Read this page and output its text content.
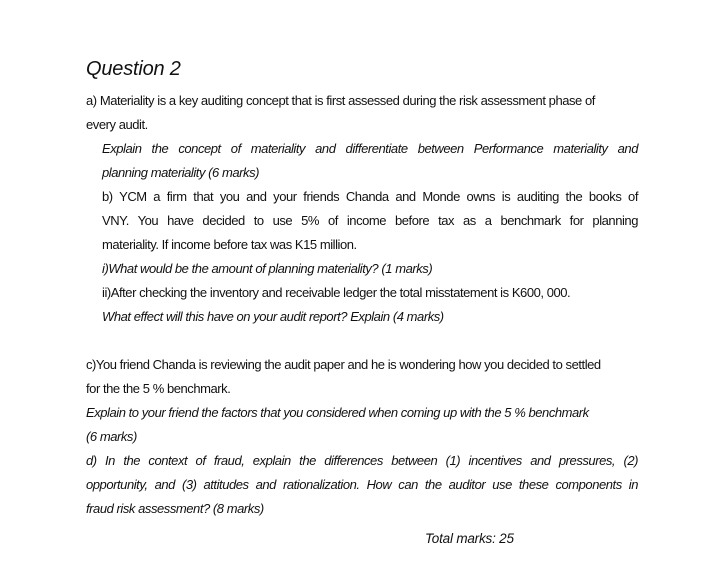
Question 2
a) Materiality is a key auditing concept that is first assessed during the risk assessment phase of
every audit.
Explain the concept of materiality and differentiate between Performance materiality and
planning materiality (6 marks)
b) YCM a firm that you and your friends Chanda and Monde owns is auditing the books of
VNY. You have decided to use 5% of income before tax as a benchmark for planning
materiality. If income before tax was K15 million.
i)What would be the amount of planning materiality? (1 marks)
ii)After checking the inventory and receivable ledger the total misstatement is K600, 000.
What effect will this have on your audit report? Explain (4 marks)
c)You friend Chanda is reviewing the audit paper and he is wondering how you decided to settled
for the the 5 % benchmark.
Explain to your friend the factors that you considered when coming up with the 5 % benchmark
(6 marks)
d) In the context of fraud, explain the differences between (1) incentives and pressures, (2)
opportunity, and (3) attitudes and rationalization. How can the auditor use these components in
fraud risk assessment? (8 marks)
Total marks: 25
